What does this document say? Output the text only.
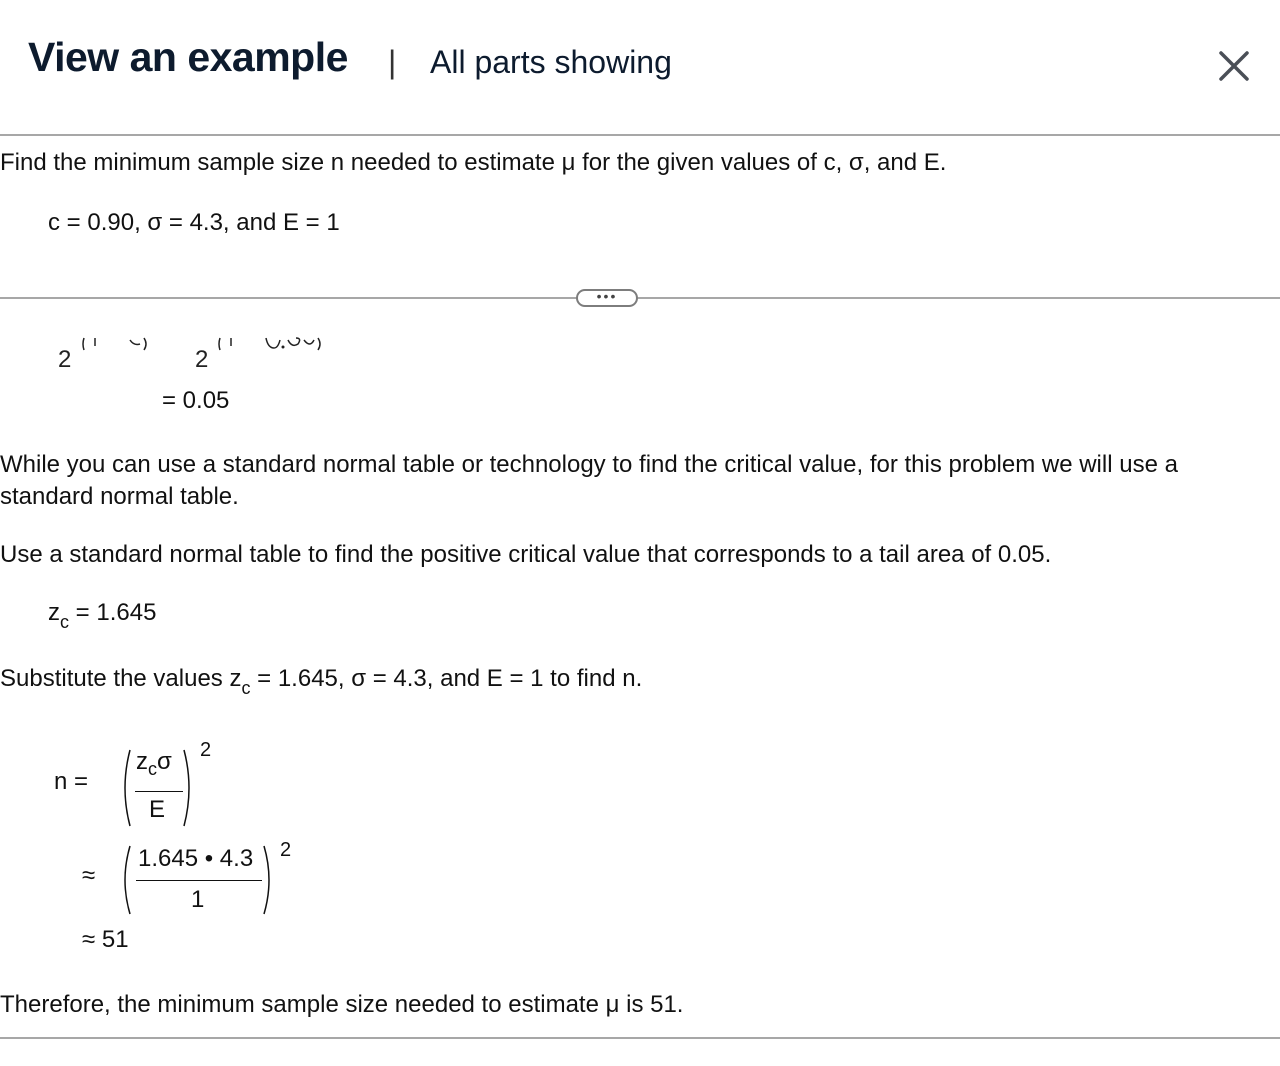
View an example | All parts showing
Find the minimum sample size n needed to estimate μ for the given values of c, σ, and E.
c = 0.90, σ = 4.3, and E = 1
•••
2	2
= 0.05
While you can use a standard normal table or technology to find the critical value, for this problem we will use a standard normal table.
Use a standard normal table to find the positive critical value that corresponds to a tail area of 0.05.
$z_c = 1.645$
Substitute the values $z_c = 1.645$, σ = 4.3, and E = 1 to find n.
n =
$z_c\sigma$
E
2
≈
1.645 • 4.3
1
2
≈ 51
Therefore, the minimum sample size needed to estimate μ is 51.
